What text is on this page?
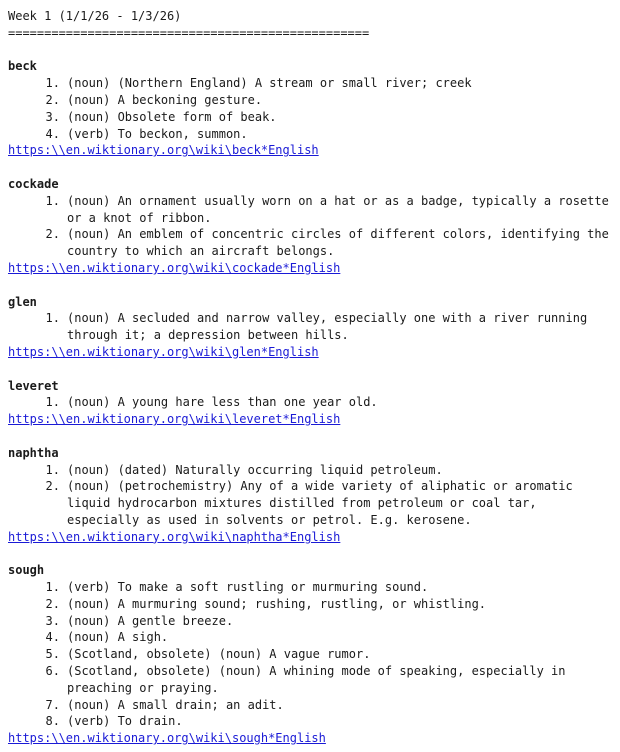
Week 1 (1/1/26 - 1/3/26)
==================================================
beck
1. (noun) (Northern England) A stream or small river; creek
2. (noun) A beckoning gesture.
3. (noun) Obsolete form of beak.
4. (verb) To beckon, summon.
https:\\en.wiktionary.org\wiki\beck*English
cockade
1. (noun) An ornament usually worn on a hat or as a badge, typically a rosette or a knot of ribbon.
2. (noun) An emblem of concentric circles of different colors, identifying the country to which an aircraft belongs.
https:\\en.wiktionary.org\wiki\cockade*English
glen
1. (noun) A secluded and narrow valley, especially one with a river running through it; a depression between hills.
https:\\en.wiktionary.org\wiki\glen*English
leveret
1. (noun) A young hare less than one year old.
https:\\en.wiktionary.org\wiki\leveret*English
naphtha
1. (noun) (dated) Naturally occurring liquid petroleum.
2. (noun) (petrochemistry) Any of a wide variety of aliphatic or aromatic liquid hydrocarbon mixtures distilled from petroleum or coal tar, especially as used in solvents or petrol. E.g. kerosene.
https:\\en.wiktionary.org\wiki\naphtha*English
sough
1. (verb) To make a soft rustling or murmuring sound.
2. (noun) A murmuring sound; rushing, rustling, or whistling.
3. (noun) A gentle breeze.
4. (noun) A sigh.
5. (Scotland, obsolete) (noun) A vague rumor.
6. (Scotland, obsolete) (noun) A whining mode of speaking, especially in preaching or praying.
7. (noun) A small drain; an adit.
8. (verb) To drain.
https:\\en.wiktionary.org\wiki\sough*English
